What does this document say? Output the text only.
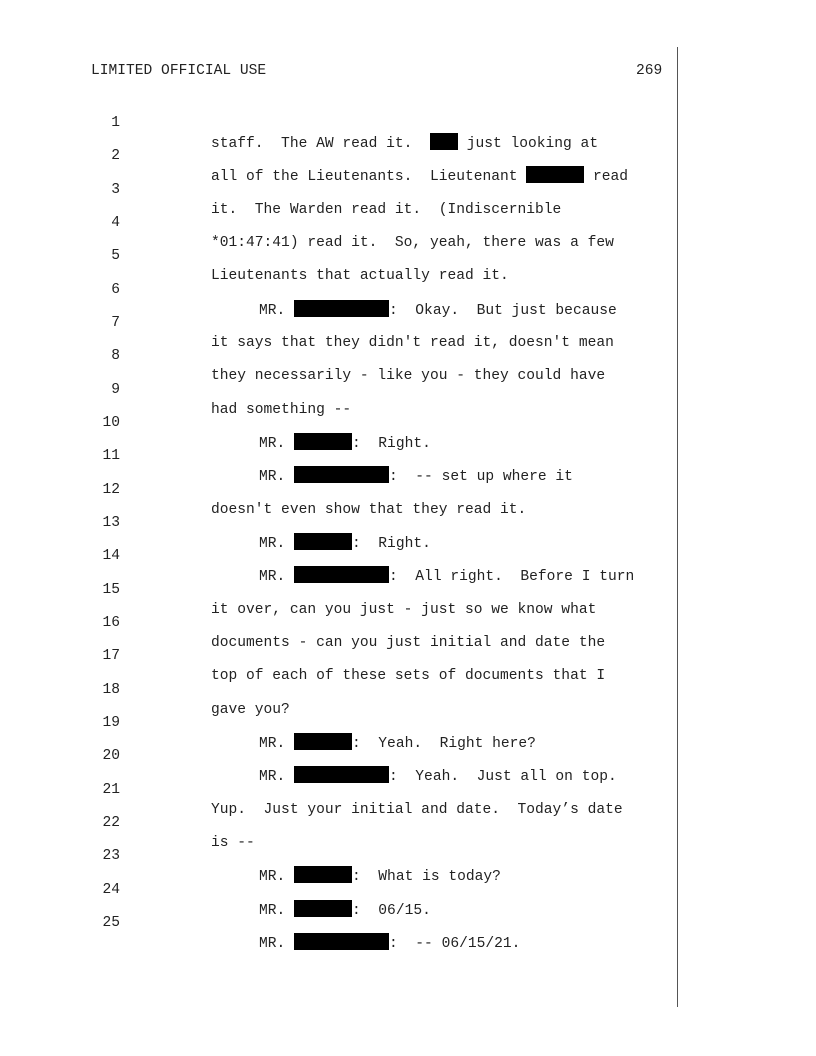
LIMITED OFFICIAL USE	269

1

staff.  The AW read it.   just looking at

2

all of the Lieutenants.  Lieutenant	read

3

it.  The Warden read it.  (Indiscernible

4

*01:47:41) read it.  So, yeah, there was a few

5

Lieutenants that actually read it.

6

MR.	:  Okay.  But just because

7

it says that they didn't read it, doesn't mean

8

they necessarily - like you - they could have

9

had something --

10

MR.	:  Right.

11

MR.	:  -- set up where it

12

doesn't even show that they read it.

13

MR.	:  Right.

14

MR.	:  All right.  Before I turn

15

it over, can you just - just so we know what

16

documents - can you just initial and date the

17

top of each of these sets of documents that I

18

gave you?

19

MR.	:  Yeah.  Right here?

20

MR.	:  Yeah.  Just all on top.

21

Yup.  Just your initial and date.  Today’s date

22

is --

23

MR.	:  What is today?

24

MR.	:  06/15.

25

MR.	:  -- 06/15/21.
